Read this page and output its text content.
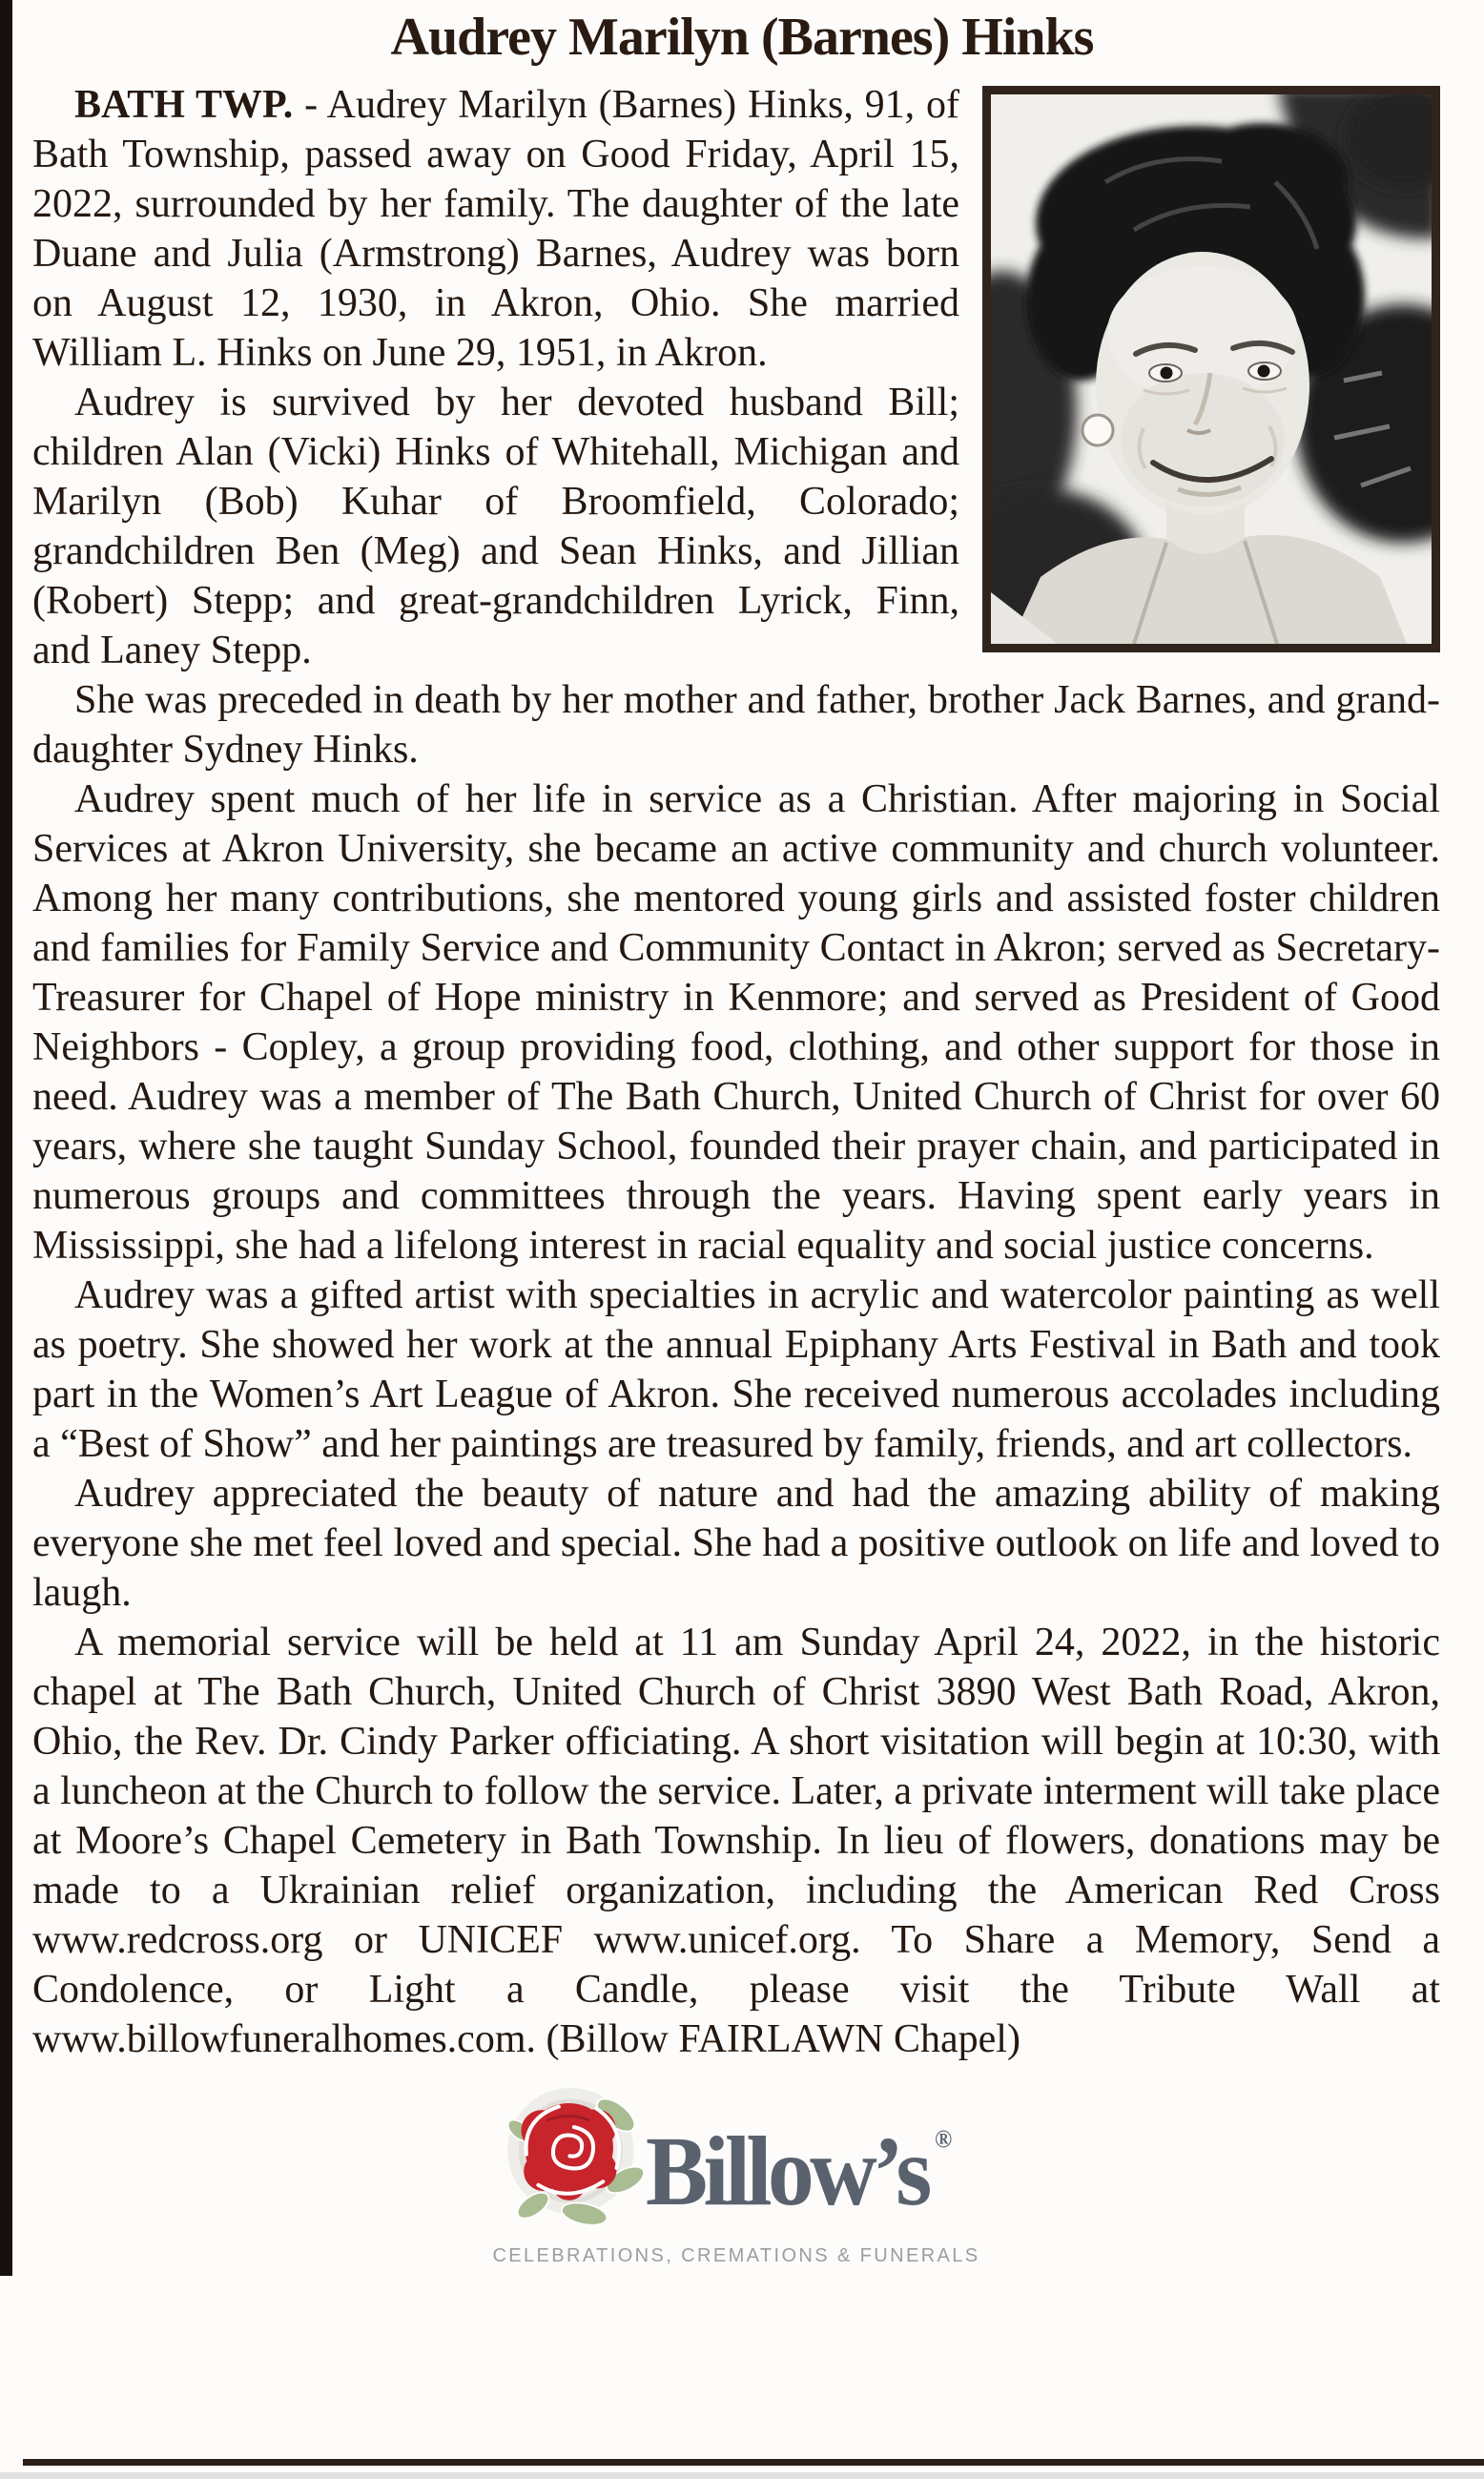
Audrey Marilyn (Barnes) Hinks

BATH TWP. - Audrey Marilyn (Barnes) Hinks, 91, of Bath Township, passed away on Good Friday, April 15, 2022, surrounded by her family. The daughter of the late Duane and Julia (Armstrong) Barnes, Audrey was born on August 12, 1930, in Akron, Ohio. She married William L. Hinks on June 29, 1951, in Akron.

Audrey is survived by her devoted husband Bill; children Alan (Vicki) Hinks of Whitehall, Michigan and Marilyn (Bob) Kuhar of Broomfield, Colorado; grandchildren Ben (Meg) and Sean Hinks, and Jillian (Robert) Stepp; and great-grandchildren Lyrick, Finn, and Laney Stepp.

She was preceded in death by her mother and father, brother Jack Barnes, and grand-daughter Sydney Hinks.

Audrey spent much of her life in service as a Christian. After majoring in Social Services at Akron University, she became an active community and church volunteer. Among her many contributions, she mentored young girls and assisted foster children and families for Family Service and Community Contact in Akron; served as Secretary-Treasurer for Chapel of Hope ministry in Kenmore; and served as President of Good Neighbors - Copley, a group providing food, clothing, and other support for those in need. Audrey was a member of The Bath Church, United Church of Christ for over 60 years, where she taught Sunday School, founded their prayer chain, and participated in numerous groups and committees through the years. Having spent early years in Mississippi, she had a lifelong interest in racial equality and social justice concerns.

Audrey was a gifted artist with specialties in acrylic and watercolor painting as well as poetry. She showed her work at the annual Epiphany Arts Festival in Bath and took part in the Women’s Art League of Akron. She received numerous accolades including a “Best of Show” and her paintings are treasured by family, friends, and art collectors.

Audrey appreciated the beauty of nature and had the amazing ability of making everyone she met feel loved and special. She had a positive outlook on life and loved to laugh.

A memorial service will be held at 11 am Sunday April 24, 2022, in the historic chapel at The Bath Church, United Church of Christ 3890 West Bath Road, Akron, Ohio, the Rev. Dr. Cindy Parker officiating. A short visitation will begin at 10:30, with a luncheon at the Church to follow the service. Later, a private interment will take place at Moore’s Chapel Cemetery in Bath Township. In lieu of flowers, donations may be made to a Ukrainian relief organization, including the American Red Cross www.redcross.org or UNICEF www.unicef.org. To Share a Memory, Send a Condolence, or Light a Candle, please visit the Tribute Wall at www.billowfuneralhomes.com. (Billow FAIRLAWN Chapel)

Billow’s ®
CELEBRATIONS, CREMATIONS & FUNERALS
